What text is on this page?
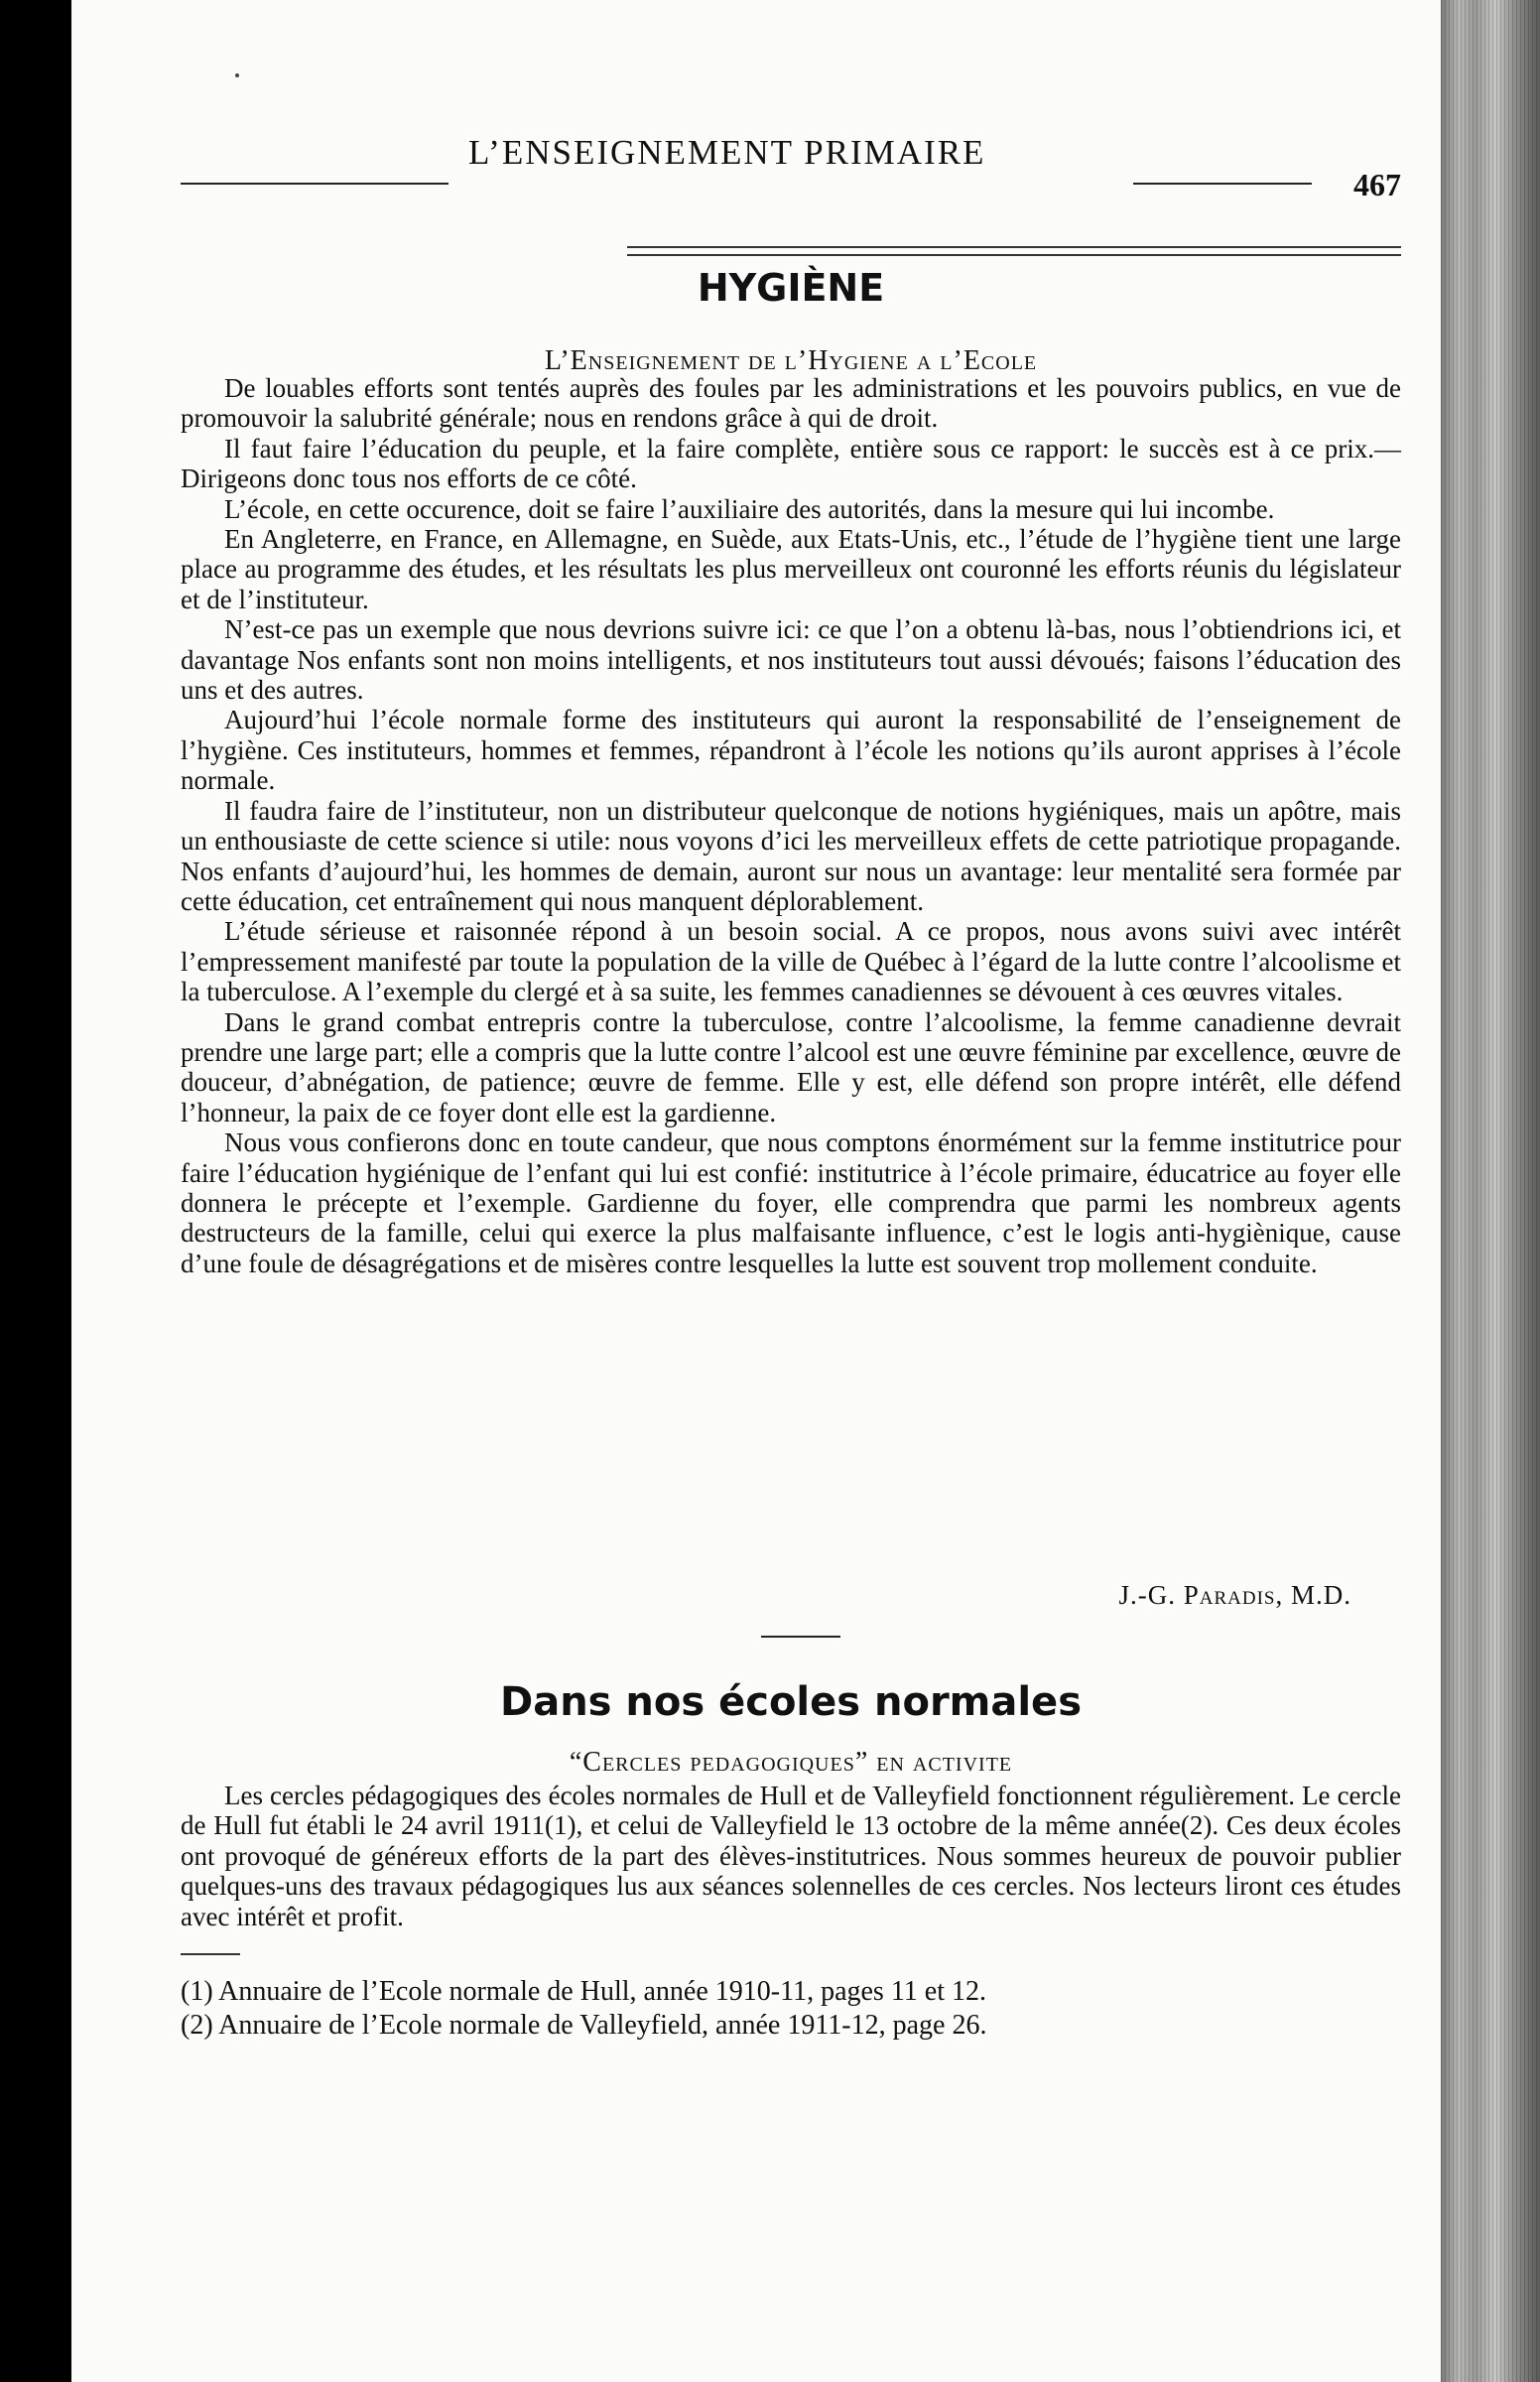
L’ENSEIGNEMENT PRIMAIRE
467
HYGIÈNE
L’Enseignement de l’Hygiene a l’Ecole

De louables efforts sont tentés auprès des foules par les administrations et les pouvoirs publics, en vue de promouvoir la salubrité générale; nous en rendons grâce à qui de droit.

Il faut faire l’éducation du peuple, et la faire complète, entière sous ce rapport: le succès est à ce prix.—Dirigeons donc tous nos efforts de ce côté.

L’école, en cette occurence, doit se faire l’auxiliaire des autorités, dans la mesure qui lui incombe.

En Angleterre, en France, en Allemagne, en Suède, aux Etats-Unis, etc., l’étude de l’hygiène tient une large place au programme des études, et les résultats les plus merveilleux ont couronné les efforts réunis du législateur et de l’instituteur.

N’est-ce pas un exemple que nous devrions suivre ici: ce que l’on a obtenu là-bas, nous l’obtiendrions ici, et davantage Nos enfants sont non moins intelligents, et nos instituteurs tout aussi dévoués; faisons l’éducation des uns et des autres.

Aujourd’hui l’école normale forme des instituteurs qui auront la responsabilité de l’enseignement de l’hygiène. Ces instituteurs, hommes et femmes, répandront à l’école les notions qu’ils auront apprises à l’école normale.

Il faudra faire de l’instituteur, non un distributeur quelconque de notions hygiéniques, mais un apôtre, mais un enthousiaste de cette science si utile: nous voyons d’ici les merveilleux effets de cette patriotique propagande. Nos enfants d’aujourd’hui, les hommes de demain, auront sur nous un avantage: leur mentalité sera formée par cette éducation, cet entraînement qui nous manquent déplorablement.

L’étude sérieuse et raisonnée répond à un besoin social. A ce propos, nous avons suivi avec intérêt l’empressement manifesté par toute la population de la ville de Québec à l’égard de la lutte contre l’alcoolisme et la tuberculose. A l’exemple du clergé et à sa suite, les femmes canadiennes se dévouent à ces œuvres vitales.

Dans le grand combat entrepris contre la tuberculose, contre l’alcoolisme, la femme canadienne devrait prendre une large part; elle a compris que la lutte contre l’alcool est une œuvre féminine par excellence, œuvre de douceur, d’abnégation, de patience; œuvre de femme. Elle y est, elle défend son propre intérêt, elle défend l’honneur, la paix de ce foyer dont elle est la gardienne.

Nous vous confierons donc en toute candeur, que nous comptons énormément sur la femme institutrice pour faire l’éducation hygiénique de l’enfant qui lui est confié: institutrice à l’école primaire, éducatrice au foyer elle donnera le précepte et l’exemple. Gardienne du foyer, elle comprendra que parmi les nombreux agents destructeurs de la famille, celui qui exerce la plus malfaisante influence, c’est le logis anti-hygiènique, cause d’une foule de désagrégations et de misères contre lesquelles la lutte est souvent trop mollement conduite.

J.-G. Paradis, M.D.
Dans nos écoles normales
“Cercles pedagogiques” en activite

Les cercles pédagogiques des écoles normales de Hull et de Valleyfield fonctionnent régulièrement. Le cercle de Hull fut établi le 24 avril 1911(1), et celui de Valleyfield le 13 octobre de la même année(2). Ces deux écoles ont provoqué de généreux efforts de la part des élèves-institutrices. Nous sommes heureux de pouvoir publier quelques-uns des travaux pédagogiques lus aux séances solennelles de ces cercles. Nos lecteurs liront ces études avec intérêt et profit.

(1) Annuaire de l’Ecole normale de Hull, année 1910-11, pages 11 et 12.

(2) Annuaire de l’Ecole normale de Valleyfield, année 1911-12, page 26.
